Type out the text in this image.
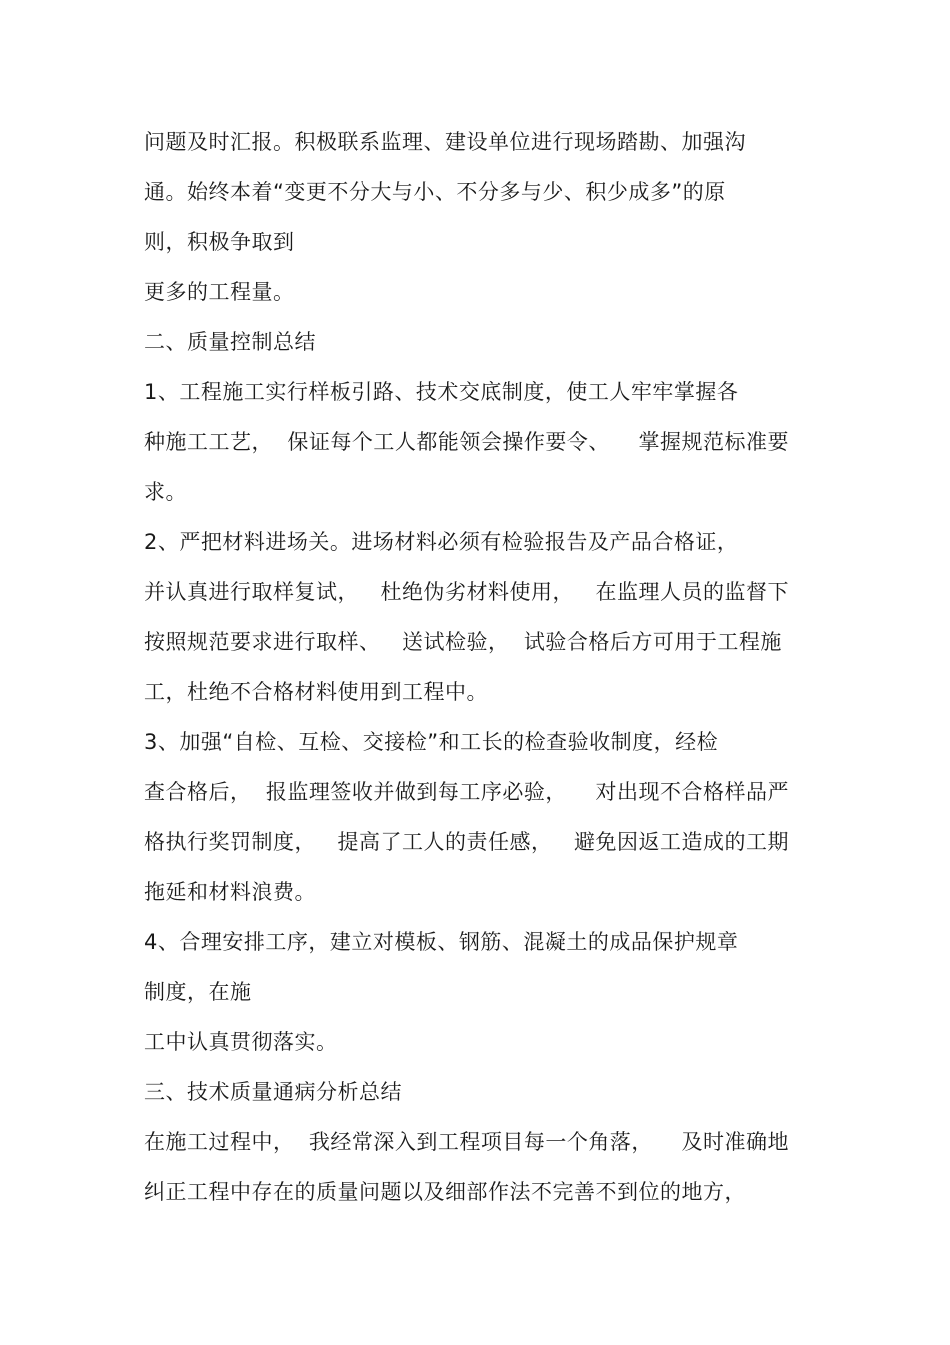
问题及时汇报。积极联系监理、建设单位进行现场踏勘、加强沟
通。始终本着“变更不分大与小、不分多与少、积少成多”的原
则，积极争取到
更多的工程量。
二、质量控制总结
1、工程施工实行样板引路、技术交底制度，使工人牢牢掌握各
种施工工艺，  保证每个工人都能领会操作要令、    掌握规范标准要
求。
2、严把材料进场关。进场材料必须有检验报告及产品合格证，
并认真进行取样复试，   杜绝伪劣材料使用，   在监理人员的监督下
按照规范要求进行取样、   送试检验，  试验合格后方可用于工程施
工，杜绝不合格材料使用到工程中。
3、加强“自检、互检、交接检”和工长的检查验收制度，经检
查合格后，  报监理签收并做到每工序必验，    对出现不合格样品严
格执行奖罚制度，   提高了工人的责任感，   避免因返工造成的工期
拖延和材料浪费。
4、合理安排工序，建立对模板、钢筋、混凝土的成品保护规章
制度，在施
工中认真贯彻落实。
三、技术质量通病分析总结
在施工过程中，  我经常深入到工程项目每一个角落，    及时准确地
纠正工程中存在的质量问题以及细部作法不完善不到位的地方，
